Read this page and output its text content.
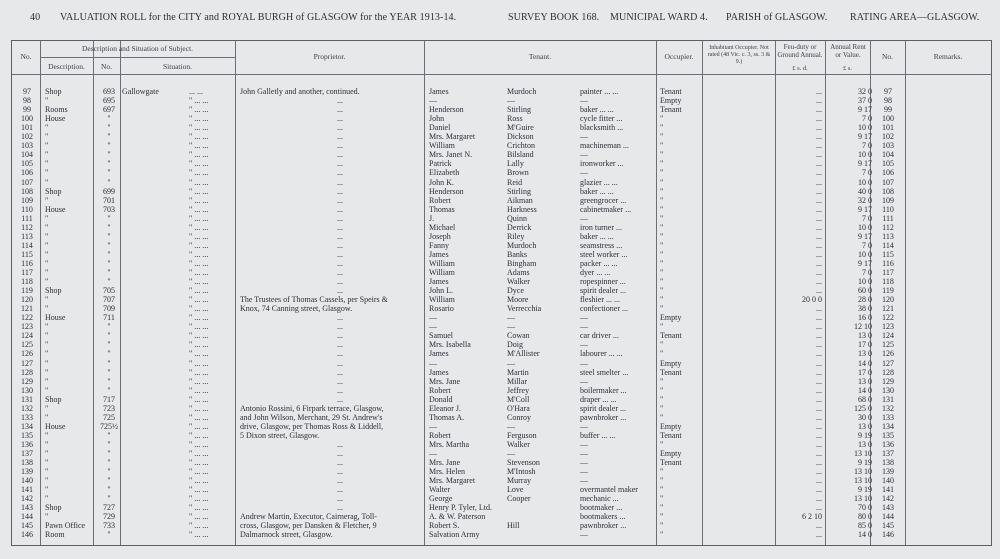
40 VALUATION ROLL for the CITY and ROYAL BURGH of GLASGOW for the YEAR 1913-14.	SURVEY BOOK 168. MUNICIPAL WARD 4. PARISH of GLASGOW. RATING AREA—GLASGOW.
No.
Description and Situation of Subject.
Description.	No.	Situation.
Proprietor.	Tenant.	Occupier.
Inhabitant Occupier. Not rated (48 Vic. c. 3, ss. 3 & 9.)
Feu-duty or Ground Annual.
£ s. d.
Annual Rent or Value.
£ s.
No.	Remarks.
97	Shop	693 Gallowgate	... ...	John Galletly and another, continued.	James	Murdoch	painter ... ...	Tenant	...	32 0	97
98	"	695	" ... ...	...	—	—	—	Empty	...	37 0	98
99	Rooms	697	" ... ...	...	Henderson	Stirling	baker ... ...	Tenant	...	9 17	99
100	House	"	" ... ...	...	John	Ross	cycle fitter ...	"	...	7 0	100
101	"	"	" ... ...	...	Daniel	M'Guire	blacksmith ...	"	...	10 0	101
102	"	"	" ... ...	...	Mrs. Margaret	Dickson	—	"	...	9 17	102
103	"	"	" ... ...	...	William	Crichton	machineman ...	"	...	7 0	103
104	"	"	" ... ...	...	Mrs. Janet N.	Bilsland	—	"	...	10 0	104
105	"	"	" ... ...	...	Patrick	Lally	ironworker ...	"	...	9 17	105
106	"	"	" ... ...	...	Elizabeth	Brown	—	"	...	7 0	106
107	"	"	" ... ...	...	John K.	Reid	glazier ... ...	"	...	10 0	107
108	Shop	699	" ... ...	...	Henderson	Stirling	baker ... ...	"	...	40 0	108
109	"	701	" ... ...	...	Robert	Aikman	greengrocer ...	"	...	32 0	109
110	House	703	" ... ...	...	Thomas	Harkness	cabinetmaker ...	"	...	9 17	110
111	"	"	" ... ...	...	J.	Quinn	—	"	...	7 0	111
112	"	"	" ... ...	...	Michael	Derrick	iron turner ...	"	...	10 0	112
113	"	"	" ... ...	...	Joseph	Riley	baker ... ...	"	...	9 17	113
114	"	"	" ... ...	...	Fanny	Murdoch	seamstress ...	"	...	7 0	114
115	"	"	" ... ...	...	James	Banks	steel worker ...	"	...	10 0	115
116	"	"	" ... ...	...	William	Bingham	packer ... ...	"	...	9 17	116
117	"	"	" ... ...	...	William	Adams	dyer ... ...	"	...	7 0	117
118	"	"	" ... ...	...	James	Walker	ropespinner ...	"	...	10 0	118
119	Shop	705	" ... ...	...	John L.	Dyce	spirit dealer ...	"	...	60 0	119
120	"	707	" ... ...	The Trustees of Thomas Cassels, per Speirs &	William	Moore	fleshier ... ...	"	20 0 0	28 0	120
121	"	709	" ... ...	Knox, 74 Canning street, Glasgow.	Rosario	Verrecchia	confectioner ...	"	...	38 0	121
122	House	711	" ... ...	...	—	—	—	Empty	...	16 0	122
123	"	"	" ... ...	...	—	—	—	"	...	12 10	123
124	"	"	" ... ...	...	Samuel	Cowan	car driver ...	Tenant	...	13 0	124
125	"	"	" ... ...	...	Mrs. Isabella	Doig	—	"	...	17 0	125
126	"	"	" ... ...	...	James	M'Allister	labourer ... ...	"	...	13 0	126
127	"	"	" ... ...	...	—	—	—	Empty	...	14 0	127
128	"	"	" ... ...	...	James	Martin	steel smelter ...	Tenant	...	17 0	128
129	"	"	" ... ...	...	Mrs. Jane	Millar	—	"	...	13 0	129
130	"	"	" ... ...	...	Robert	Jeffrey	boilermaker ...	"	...	14 0	130
131	Shop	717	" ... ...	...	Donald	M'Coll	draper ... ...	"	...	68 0	131
132	"	723	" ... ...	Antonio Rossini, 6 Firpark terrace, Glasgow,	Eleanor J.	O'Hara	spirit dealer ...	"	...	125 0	132
133	"	725	" ... ...	and John Wilson, Merchant, 29 St. Andrew's	Thomas A.	Conroy	pawnbroker ...	"	...	30 0	133
134	House	725½	" ... ...	drive, Glasgow, per Thomas Ross & Liddell,	—	—	—	Empty	...	13 0	134
135	"	"	" ... ...	5 Dixon street, Glasgow.	Robert	Ferguson	buffer ... ...	Tenant	...	9 19	135
136	"	"	" ... ...	...	Mrs. Martha	Walker	—	"	...	13 0	136
137	"	"	" ... ...	...	—	—	—	Empty	...	13 10	137
138	"	"	" ... ...	...	Mrs. Jane	Stevenson	—	Tenant	...	9 19	138
139	"	"	" ... ...	...	Mrs. Helen	M'Intosh	—	"	...	13 10	139
140	"	"	" ... ...	...	Mrs. Margaret	Murray	—	"	...	13 10	140
141	"	"	" ... ...	...	Walter	Love	overmantel maker	"	...	9 19	141
142	"	"	" ... ...	...	George	Cooper	mechanic ...	"	...	13 10	142
143	Shop	727	" ... ...	...	Henry P. Tyler, Ltd.	bootmaker ...	"	...	70 0	143
144	"	729	" ... ...	Andrew Martin, Executor, Cairnerag, Toll-	A. & W. Paterson	bootmakers ...	"	6 2 10	80 0	144
145	Pawn Office	733	" ... ...	cross, Glasgow, per Dansken & Fletcher, 9	Robert S.	Hill	pawnbroker ...	"	...	85 0	145
146	Room	"	" ... ...	Dalmarnock street, Glasgow.	Salvation Army	—	"	...	14 0	146
